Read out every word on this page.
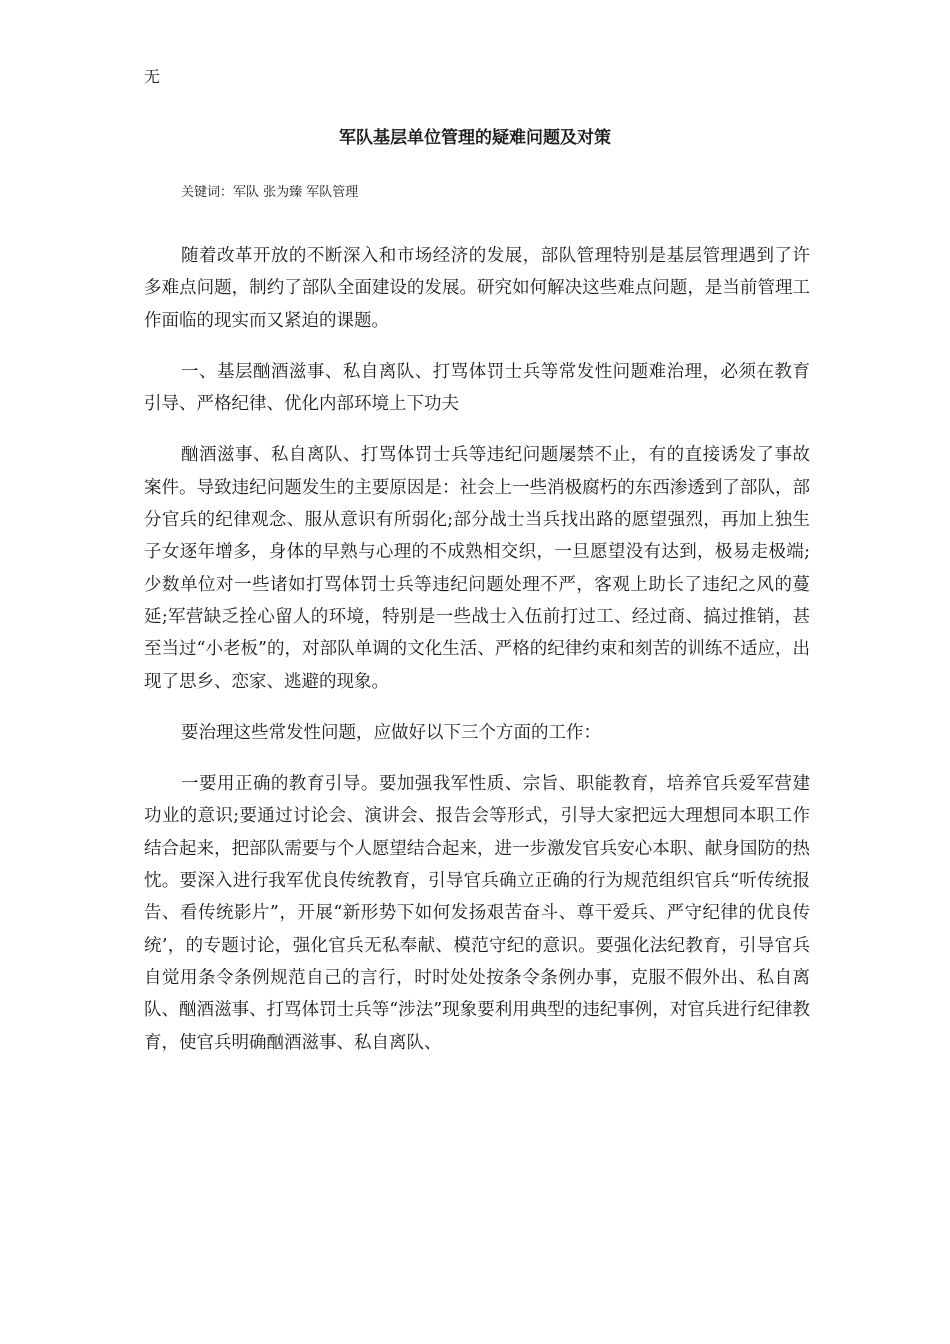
无
军队基层单位管理的疑难问题及对策
关键词：军队 张为臻 军队管理

随着改革开放的不断深入和市场经济的发展，部队管理特别是基层管理遇到了许多难点问题，制约了部队全面建设的发展。研究如何解决这些难点问题，是当前管理工作面临的现实而又紧迫的课题。

一、基层酗酒滋事、私自离队、打骂体罚士兵等常发性问题难治理，必须在教育引导、严格纪律、优化内部环境上下功夫

酗酒滋事、私自离队、打骂体罚士兵等违纪问题屡禁不止，有的直接诱发了事故案件。导致违纪问题发生的主要原因是：社会上一些消极腐朽的东西渗透到了部队，部分官兵的纪律观念、服从意识有所弱化;部分战士当兵找出路的愿望强烈，再加上独生子女逐年增多，身体的早熟与心理的不成熟相交织，一旦愿望没有达到，极易走极端;少数单位对一些诸如打骂体罚士兵等违纪问题处理不严，客观上助长了违纪之风的蔓延;军营缺乏拴心留人的环境，特别是一些战士入伍前打过工、经过商、搞过推销，甚至当过“小老板”的，对部队单调的文化生活、严格的纪律约束和刻苦的训练不适应，出现了思乡、恋家、逃避的现象。

要治理这些常发性问题，应做好以下三个方面的工作：

一要用正确的教育引导。要加强我军性质、宗旨、职能教育，培养官兵爱军营建功业的意识;要通过讨论会、演讲会、报告会等形式，引导大家把远大理想同本职工作结合起来，把部队需要与个人愿望结合起来，进一步激发官兵安心本职、献身国防的热忱。要深入进行我军优良传统教育，引导官兵确立正确的行为规范组织官兵“听传统报告、看传统影片”，开展“新形势下如何发扬艰苦奋斗、尊干爱兵、严守纪律的优良传统’，的专题讨论，强化官兵无私奉献、模范守纪的意识。要强化法纪教育，引导官兵自觉用条令条例规范自己的言行，时时处处按条令条例办事，克服不假外出、私自离队、酗酒滋事、打骂体罚士兵等“涉法”现象要利用典型的违纪事例，对官兵进行纪律教育，使官兵明确酗酒滋事、私自离队、
